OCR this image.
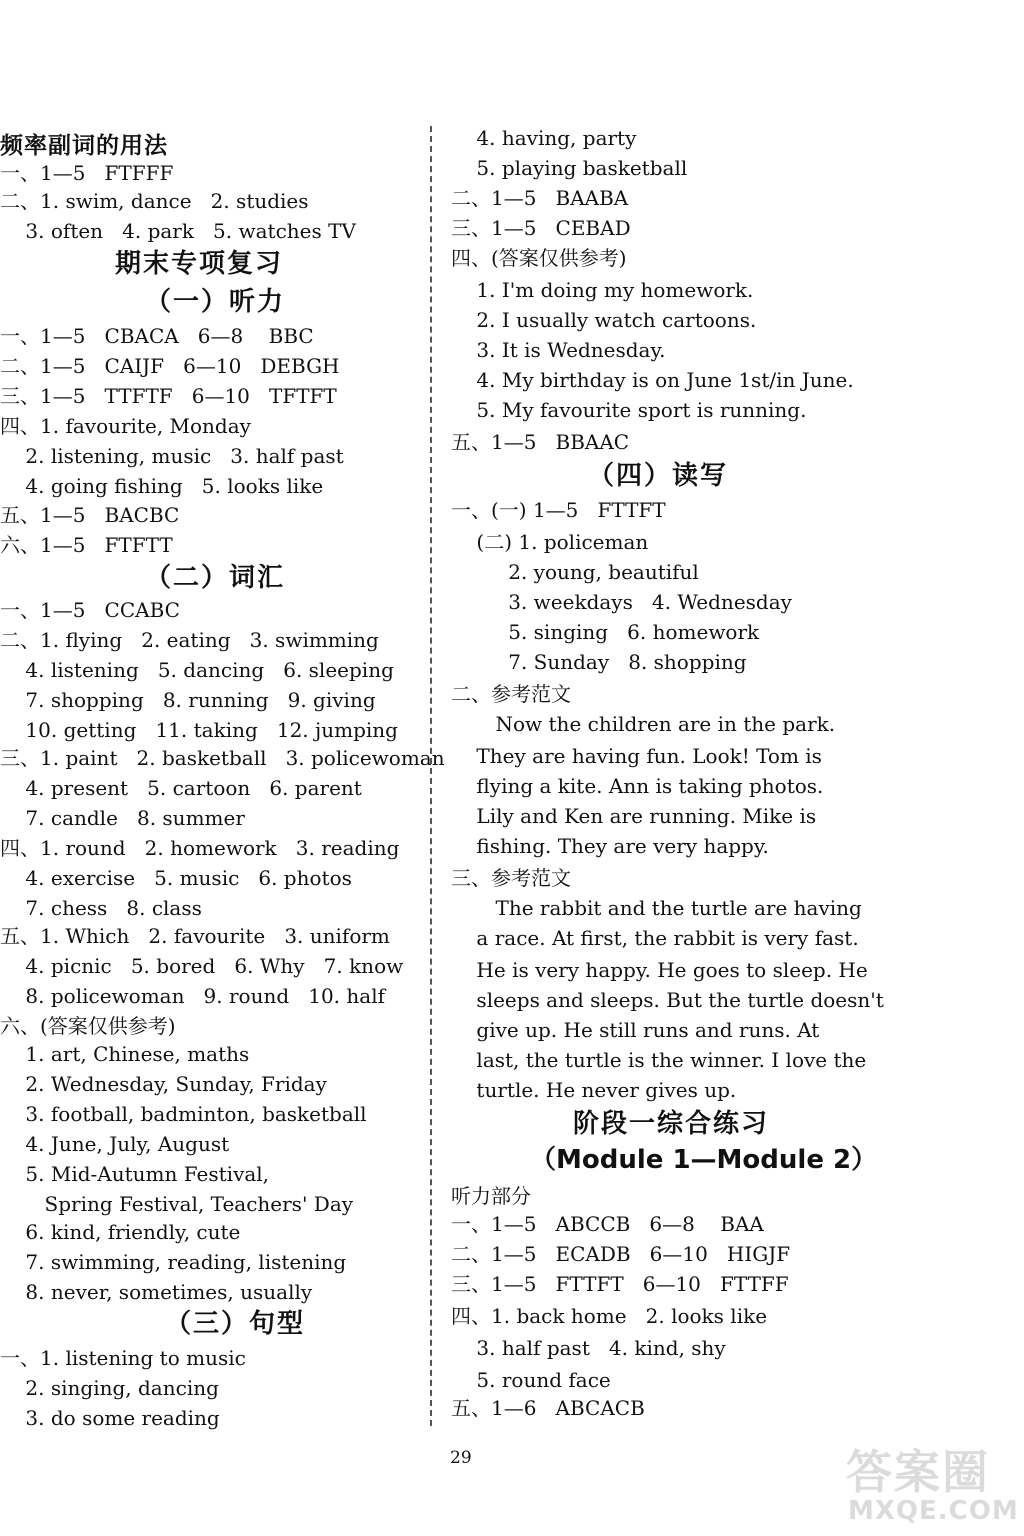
频率副词的用法
一、1—5   FTFFF
二、1. swim, dance   2. studies
3. often   4. park   5. watches TV
期末专项复习
（一）听力
一、1—5   CBACA   6—8    BBC
二、1—5   CAIJF   6—10   DEBGH
三、1—5   TTFTF   6—10   TFTFT
四、1. favourite, Monday
2. listening, music   3. half past
4. going fishing   5. looks like
五、1—5   BACBC
六、1—5   FTFTT
（二）词汇
一、1—5   CCABC
二、1. flying   2. eating   3. swimming
4. listening   5. dancing   6. sleeping
7. shopping   8. running   9. giving
10. getting   11. taking   12. jumping
三、1. paint   2. basketball   3. policewoman
4. present   5. cartoon   6. parent
7. candle   8. summer
四、1. round   2. homework   3. reading
4. exercise   5. music   6. photos
7. chess   8. class
五、1. Which   2. favourite   3. uniform
4. picnic   5. bored   6. Why   7. know
8. policewoman   9. round   10. half
六、(答案仅供参考)
1. art, Chinese, maths
2. Wednesday, Sunday, Friday
3. football, badminton, basketball
4. June, July, August
5. Mid-Autumn Festival,
Spring Festival, Teachers' Day
6. kind, friendly, cute
7. swimming, reading, listening
8. never, sometimes, usually
（三）句型
一、1. listening to music
2. singing, dancing
3. do some reading
4. having, party
5. playing basketball
二、1—5   BAABA
三、1—5   CEBAD
四、(答案仅供参考)
1. I'm doing my homework.
2. I usually watch cartoons.
3. It is Wednesday.
4. My birthday is on June 1st/in June.
5. My favourite sport is running.
五、1—5   BBAAC
（四）读写
一、(一) 1—5   FTTFT
(二) 1. policeman
2. young, beautiful
3. weekdays   4. Wednesday
5. singing   6. homework
7. Sunday   8. shopping
二、参考范文
Now the children are in the park.
They are having fun. Look! Tom is
flying a kite. Ann is taking photos.
Lily and Ken are running. Mike is
fishing. They are very happy.
三、参考范文
The rabbit and the turtle are having
a race. At first, the rabbit is very fast.
He is very happy. He goes to sleep. He
sleeps and sleeps. But the turtle doesn't
give up. He still runs and runs. At
last, the turtle is the winner. I love the
turtle. He never gives up.
阶段一综合练习
（Module 1—Module 2）
听力部分
一、1—5   ABCCB   6—8    BAA
二、1—5   ECADB   6—10   HIGJF
三、1—5   FTTFT   6—10   FTTFF
四、1. back home   2. looks like
3. half past   4. kind, shy
5. round face
五、1—6   ABCACB
29	答案圈
MXQE.COM
